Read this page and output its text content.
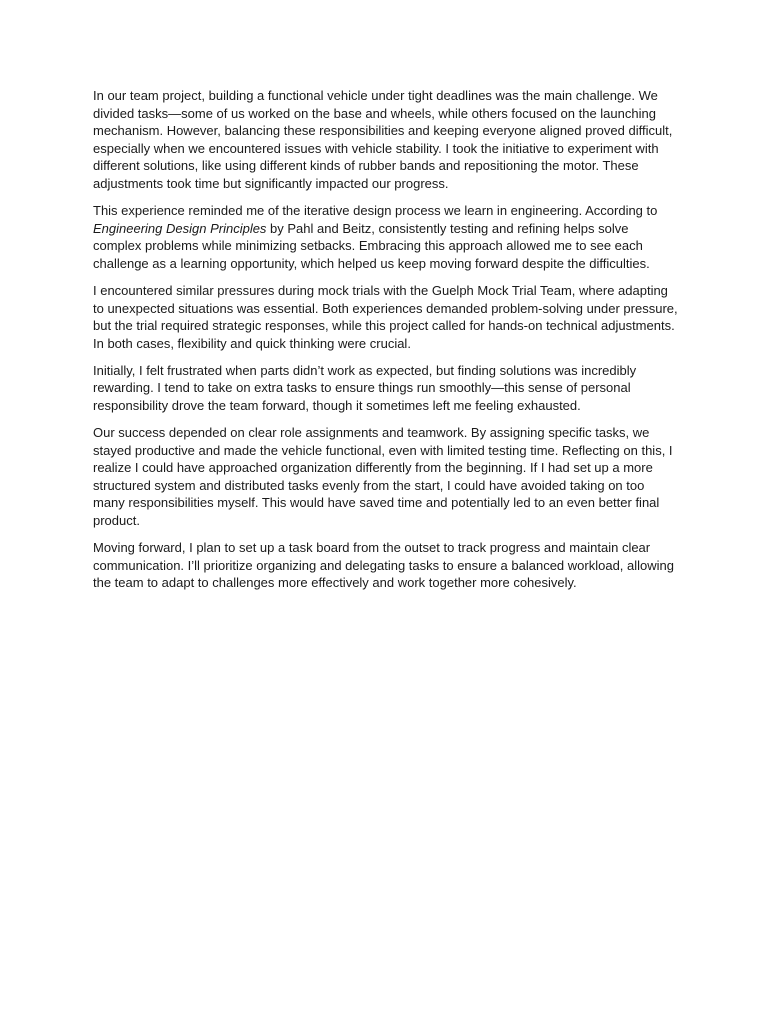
In our team project, building a functional vehicle under tight deadlines was the main challenge. We divided tasks—some of us worked on the base and wheels, while others focused on the launching mechanism. However, balancing these responsibilities and keeping everyone aligned proved difficult, especially when we encountered issues with vehicle stability. I took the initiative to experiment with different solutions, like using different kinds of rubber bands and repositioning the motor. These adjustments took time but significantly impacted our progress.

This experience reminded me of the iterative design process we learn in engineering. According to Engineering Design Principles by Pahl and Beitz, consistently testing and refining helps solve complex problems while minimizing setbacks. Embracing this approach allowed me to see each challenge as a learning opportunity, which helped us keep moving forward despite the difficulties.

I encountered similar pressures during mock trials with the Guelph Mock Trial Team, where adapting to unexpected situations was essential. Both experiences demanded problem-solving under pressure, but the trial required strategic responses, while this project called for hands-on technical adjustments. In both cases, flexibility and quick thinking were crucial.

Initially, I felt frustrated when parts didn’t work as expected, but finding solutions was incredibly rewarding. I tend to take on extra tasks to ensure things run smoothly—this sense of personal responsibility drove the team forward, though it sometimes left me feeling exhausted.

Our success depended on clear role assignments and teamwork. By assigning specific tasks, we stayed productive and made the vehicle functional, even with limited testing time. Reflecting on this, I realize I could have approached organization differently from the beginning. If I had set up a more structured system and distributed tasks evenly from the start, I could have avoided taking on too many responsibilities myself. This would have saved time and potentially led to an even better final product.

Moving forward, I plan to set up a task board from the outset to track progress and maintain clear communication. I’ll prioritize organizing and delegating tasks to ensure a balanced workload, allowing the team to adapt to challenges more effectively and work together more cohesively.
